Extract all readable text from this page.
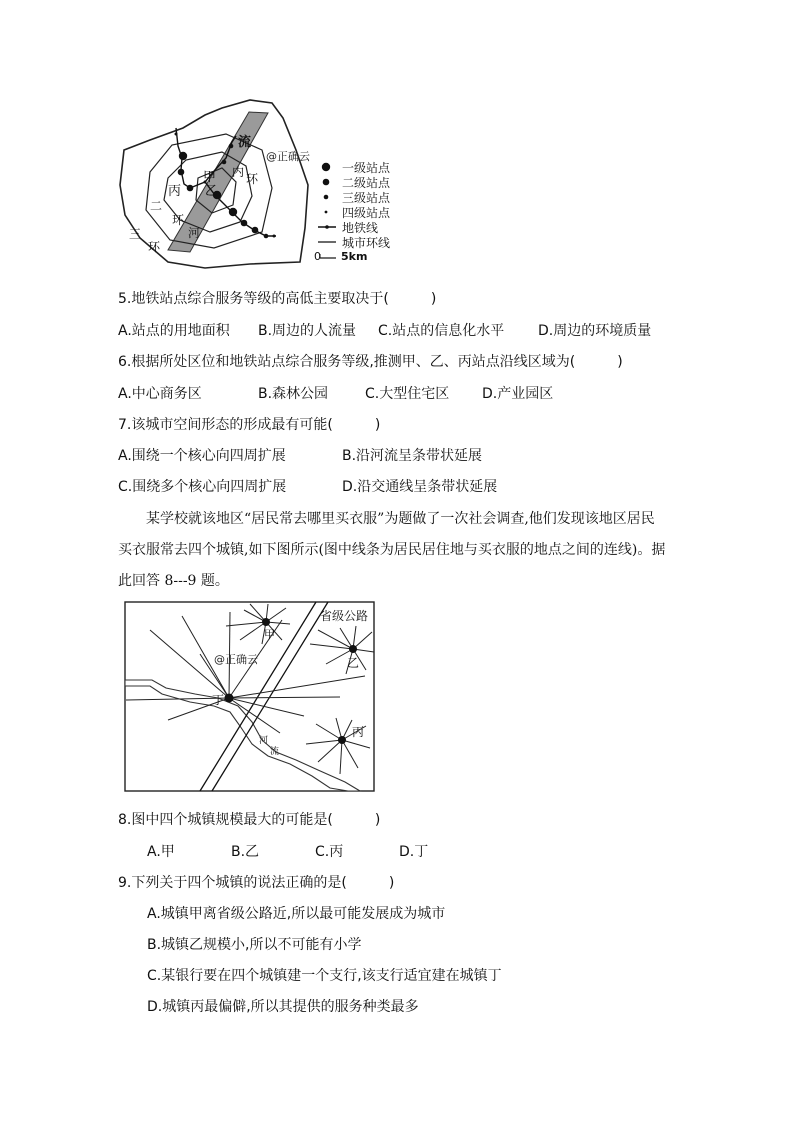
@正确云
流
内 环
甲
乙
丙
二
环
河
三
环
一级站点
二级站点
三级站点
四级站点
地铁线
城市环线
0 5km
5.地铁站点综合服务等级的高低主要取决于(　　　)
A.站点的用地面积 B.周边的人流量 C.站点的信息化水平 D.周边的环境质量
6.根据所处区位和地铁站点综合服务等级,推测甲、乙、丙站点沿线区域为(　　　)
A.中心商务区	B.森林公园	C.大型住宅区 D.产业园区
7.该城市空间形态的形成最有可能(　　　)
A.围绕一个核心向四周扩展	B.沿河流呈条带状延展
C.围绕多个核心向四周扩展	D.沿交通线呈条带状延展

某学校就该地区“居民常去哪里买衣服”为题做了一次社会调查,他们发现该地区居民

买衣服常去四个城镇,如下图所示(图中线条为居民居住地与买衣服的地点之间的连线)。据

此回答 8---9 题。

省级公路
@正确云
甲
乙
丙
丁
河
流
8.图中四个城镇规模最大的可能是(　　　)
A.甲	B.乙	C.丙	D.丁
9.下列关于四个城镇的说法正确的是(　　　)
A.城镇甲离省级公路近,所以最可能发展成为城市
B.城镇乙规模小,所以不可能有小学
C.某银行要在四个城镇建一个支行,该支行适宜建在城镇丁
D.城镇丙最偏僻,所以其提供的服务种类最多
